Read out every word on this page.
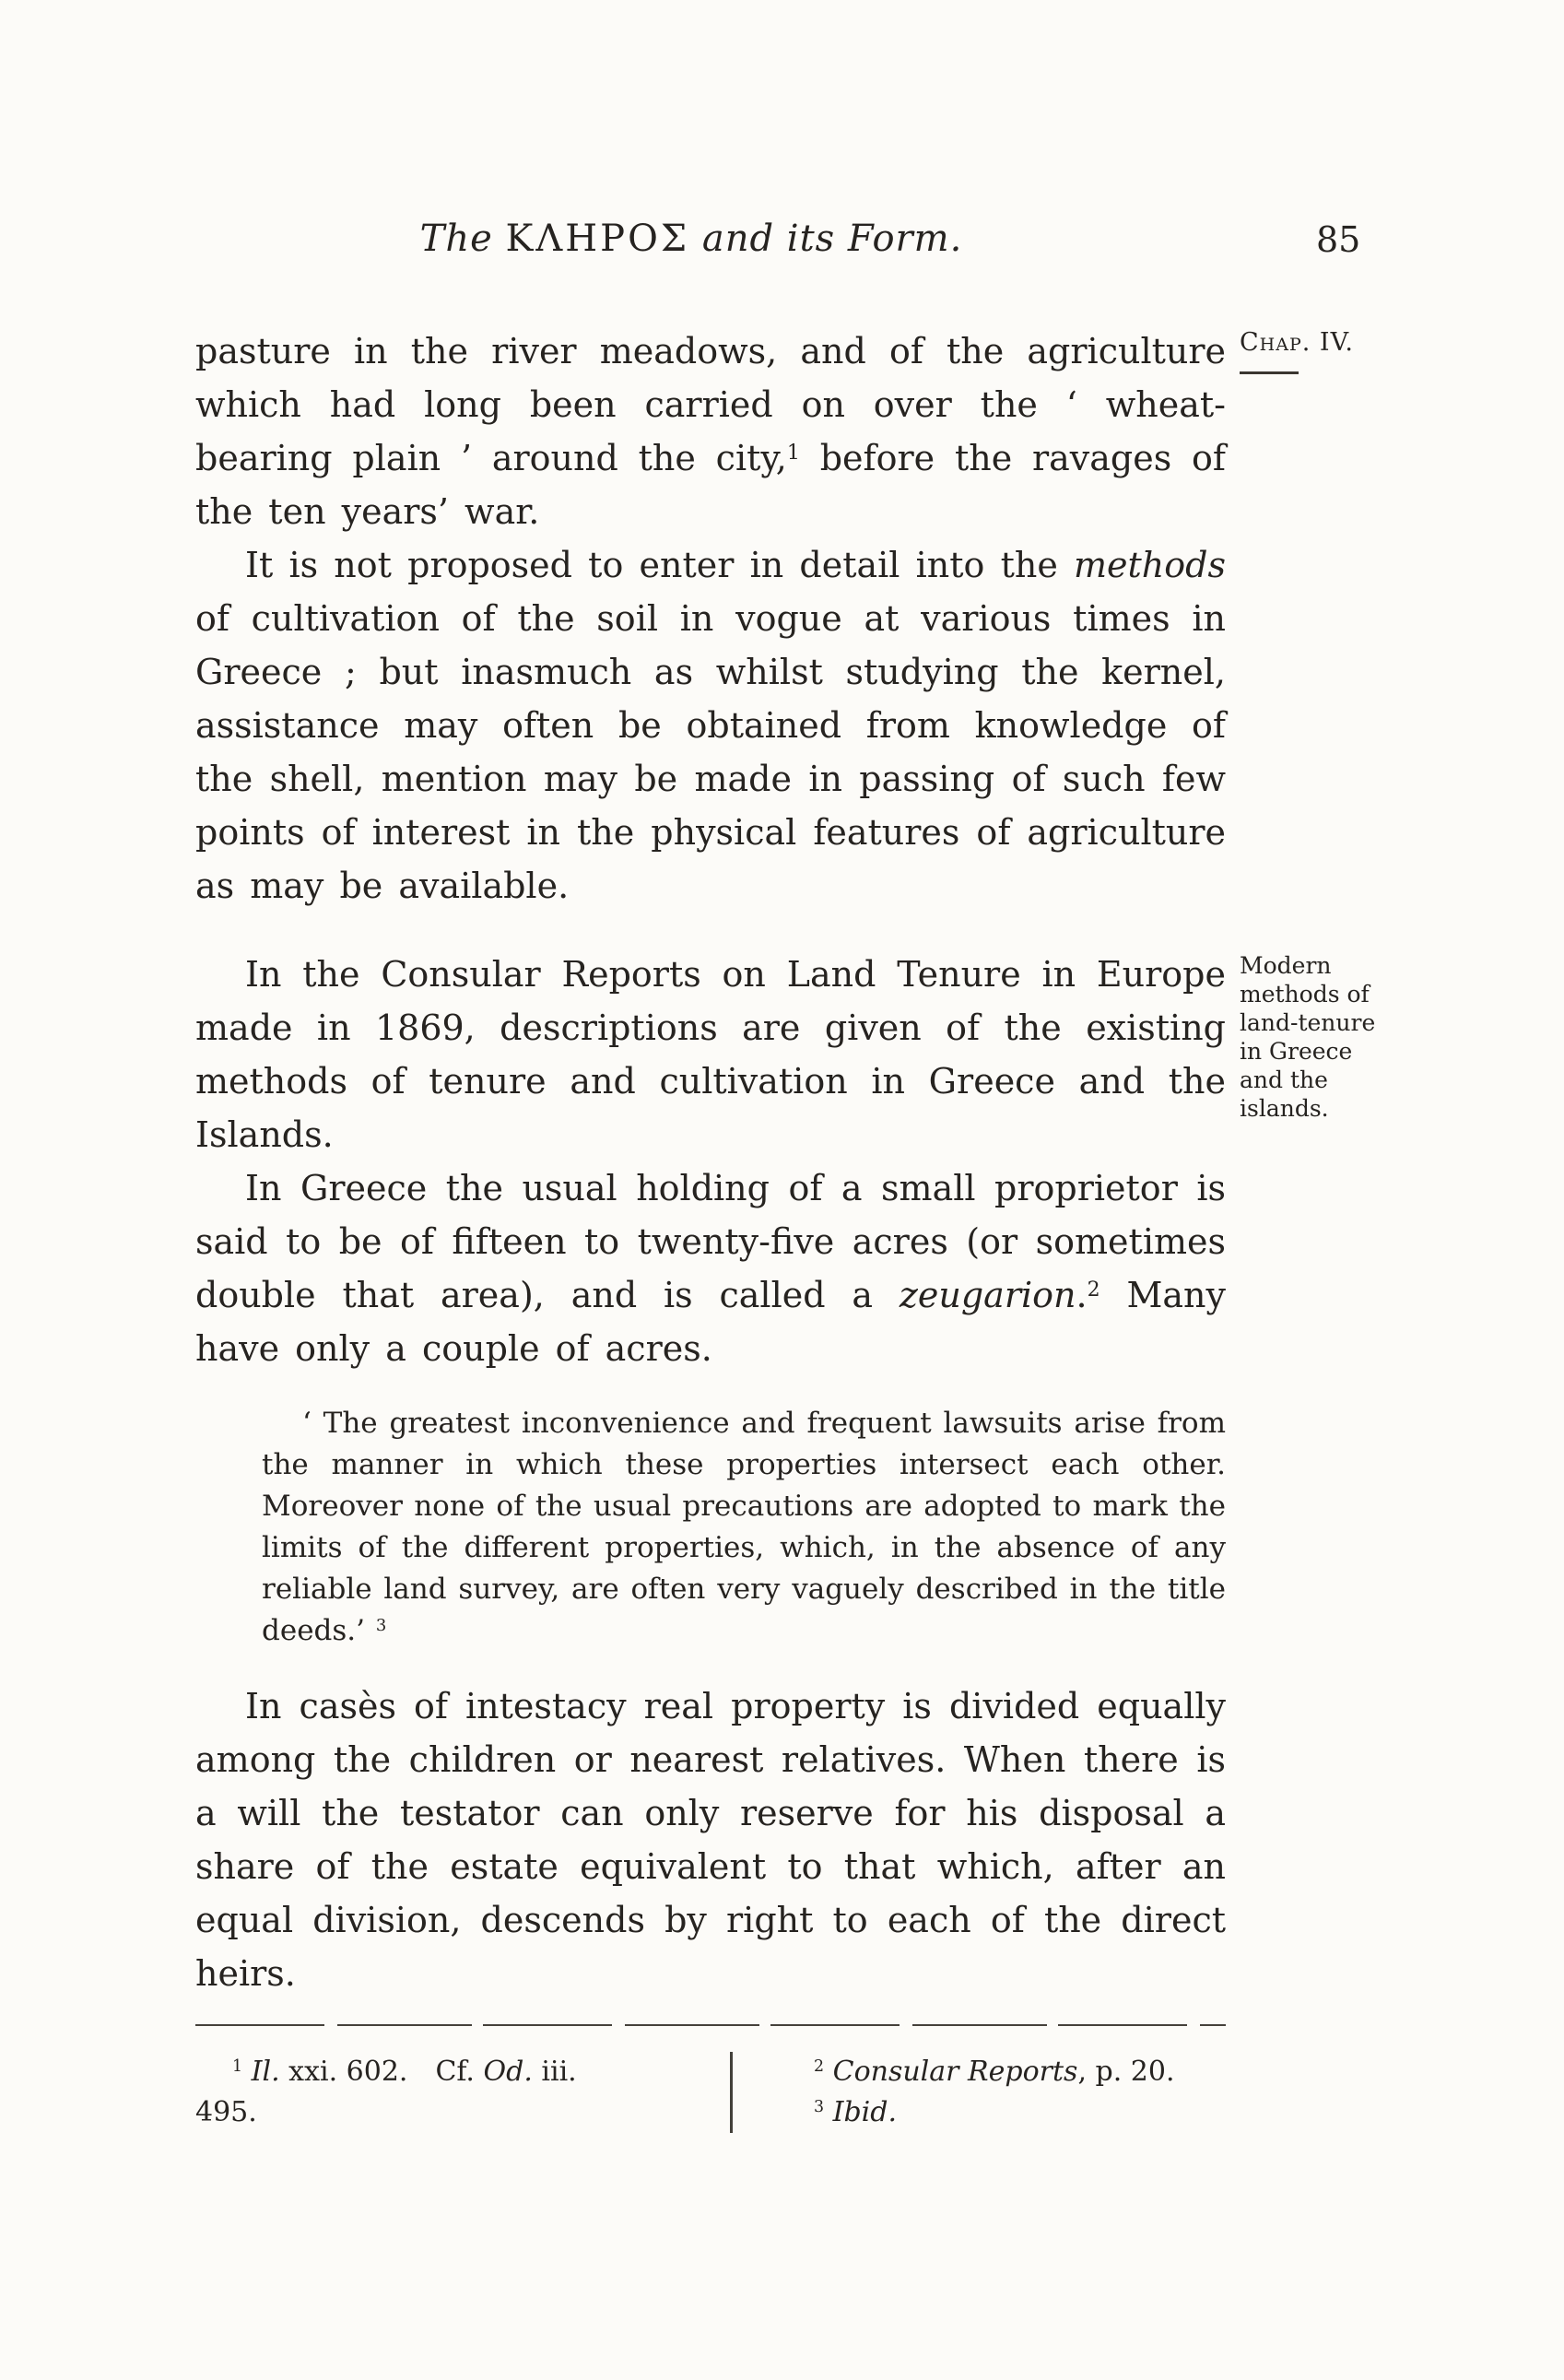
The ΚΛΗΡΟΣ and its Form.	85

pasture in the river meadows, and of the agriculture which had long been carried on over the ‘ wheat-bearing plain ’ around the city,$^1$ before the ravages of the ten years’ war.

It is not proposed to enter in detail into the methods of cultivation of the soil in vogue at various times in Greece ; but inasmuch as whilst studying the kernel, assistance may often be obtained from knowledge of the shell, mention may be made in passing of such few points of interest in the physical features of agriculture as may be available.

In the Consular Reports on Land Tenure in Europe made in 1869, descriptions are given of the existing methods of tenure and cultivation in Greece and the Islands.

In Greece the usual holding of a small proprietor is said to be of fifteen to twenty-five acres (or sometimes double that area), and is called a zeugarion.$^2$ Many have only a couple of acres.

‘ The greatest inconvenience and frequent lawsuits arise from the manner in which these properties intersect each other. Moreover none of the usual precautions are adopted to mark the limits of the different properties, which, in the absence of any reliable land survey, are often very vaguely described in the title deeds.’ $^3$

In casès of intestacy real property is divided equally among the children or nearest relatives. When there is a will the testator can only reserve for his disposal a share of the estate equivalent to that which, after an equal division, descends by right to each of the direct heirs.

Chap. IV.
Modern methods of land-tenure in Greece and the islands.
$^1$ Il. xxi. 602. Cf. Od. iii.
495.
$^2$ Consular Reports, p. 20.
$^3$ Ibid.
